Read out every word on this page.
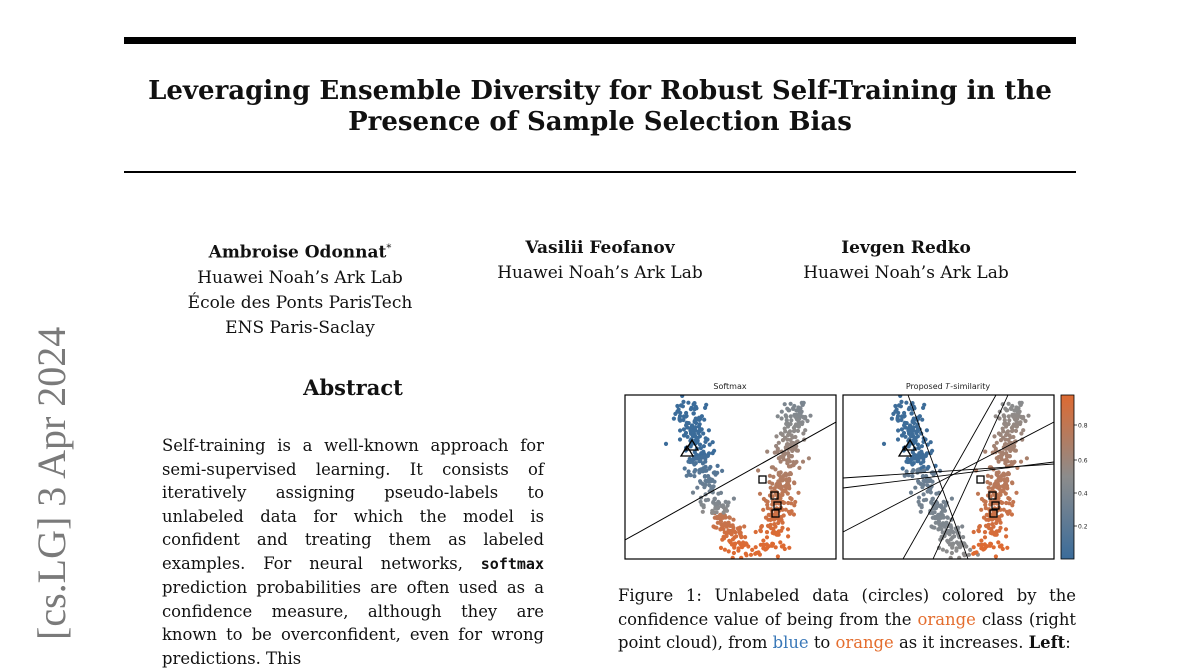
Leveraging Ensemble Diversity for Robust Self-Training in the
Presence of Sample Selection Bias
[cs.LG] 3 Apr 2024
Ambroise Odonnat*
Huawei Noah’s Ark Lab
École des Ponts ParisTech
ENS Paris-Saclay
Vasilii Feofanov
Huawei Noah’s Ark Lab
Ievgen Redko
Huawei Noah’s Ark Lab
Abstract

Self-training is a well-known approach for semi-supervised learning. It consists of iteratively assigning pseudo-labels to unlabeled data for which the model is confident and treating them as labeled examples. For neural networks, softmax prediction probabilities are often used as a confidence measure, although they are known to be overconfident, even for wrong predictions. This

Softmax	Proposed 𝑇-similarity
0.8
0.6
0.4
0.2

Figure 1: Unlabeled data (circles) colored by the confidence value of being from the orange class (right point cloud), from blue to orange as it increases. Left:
